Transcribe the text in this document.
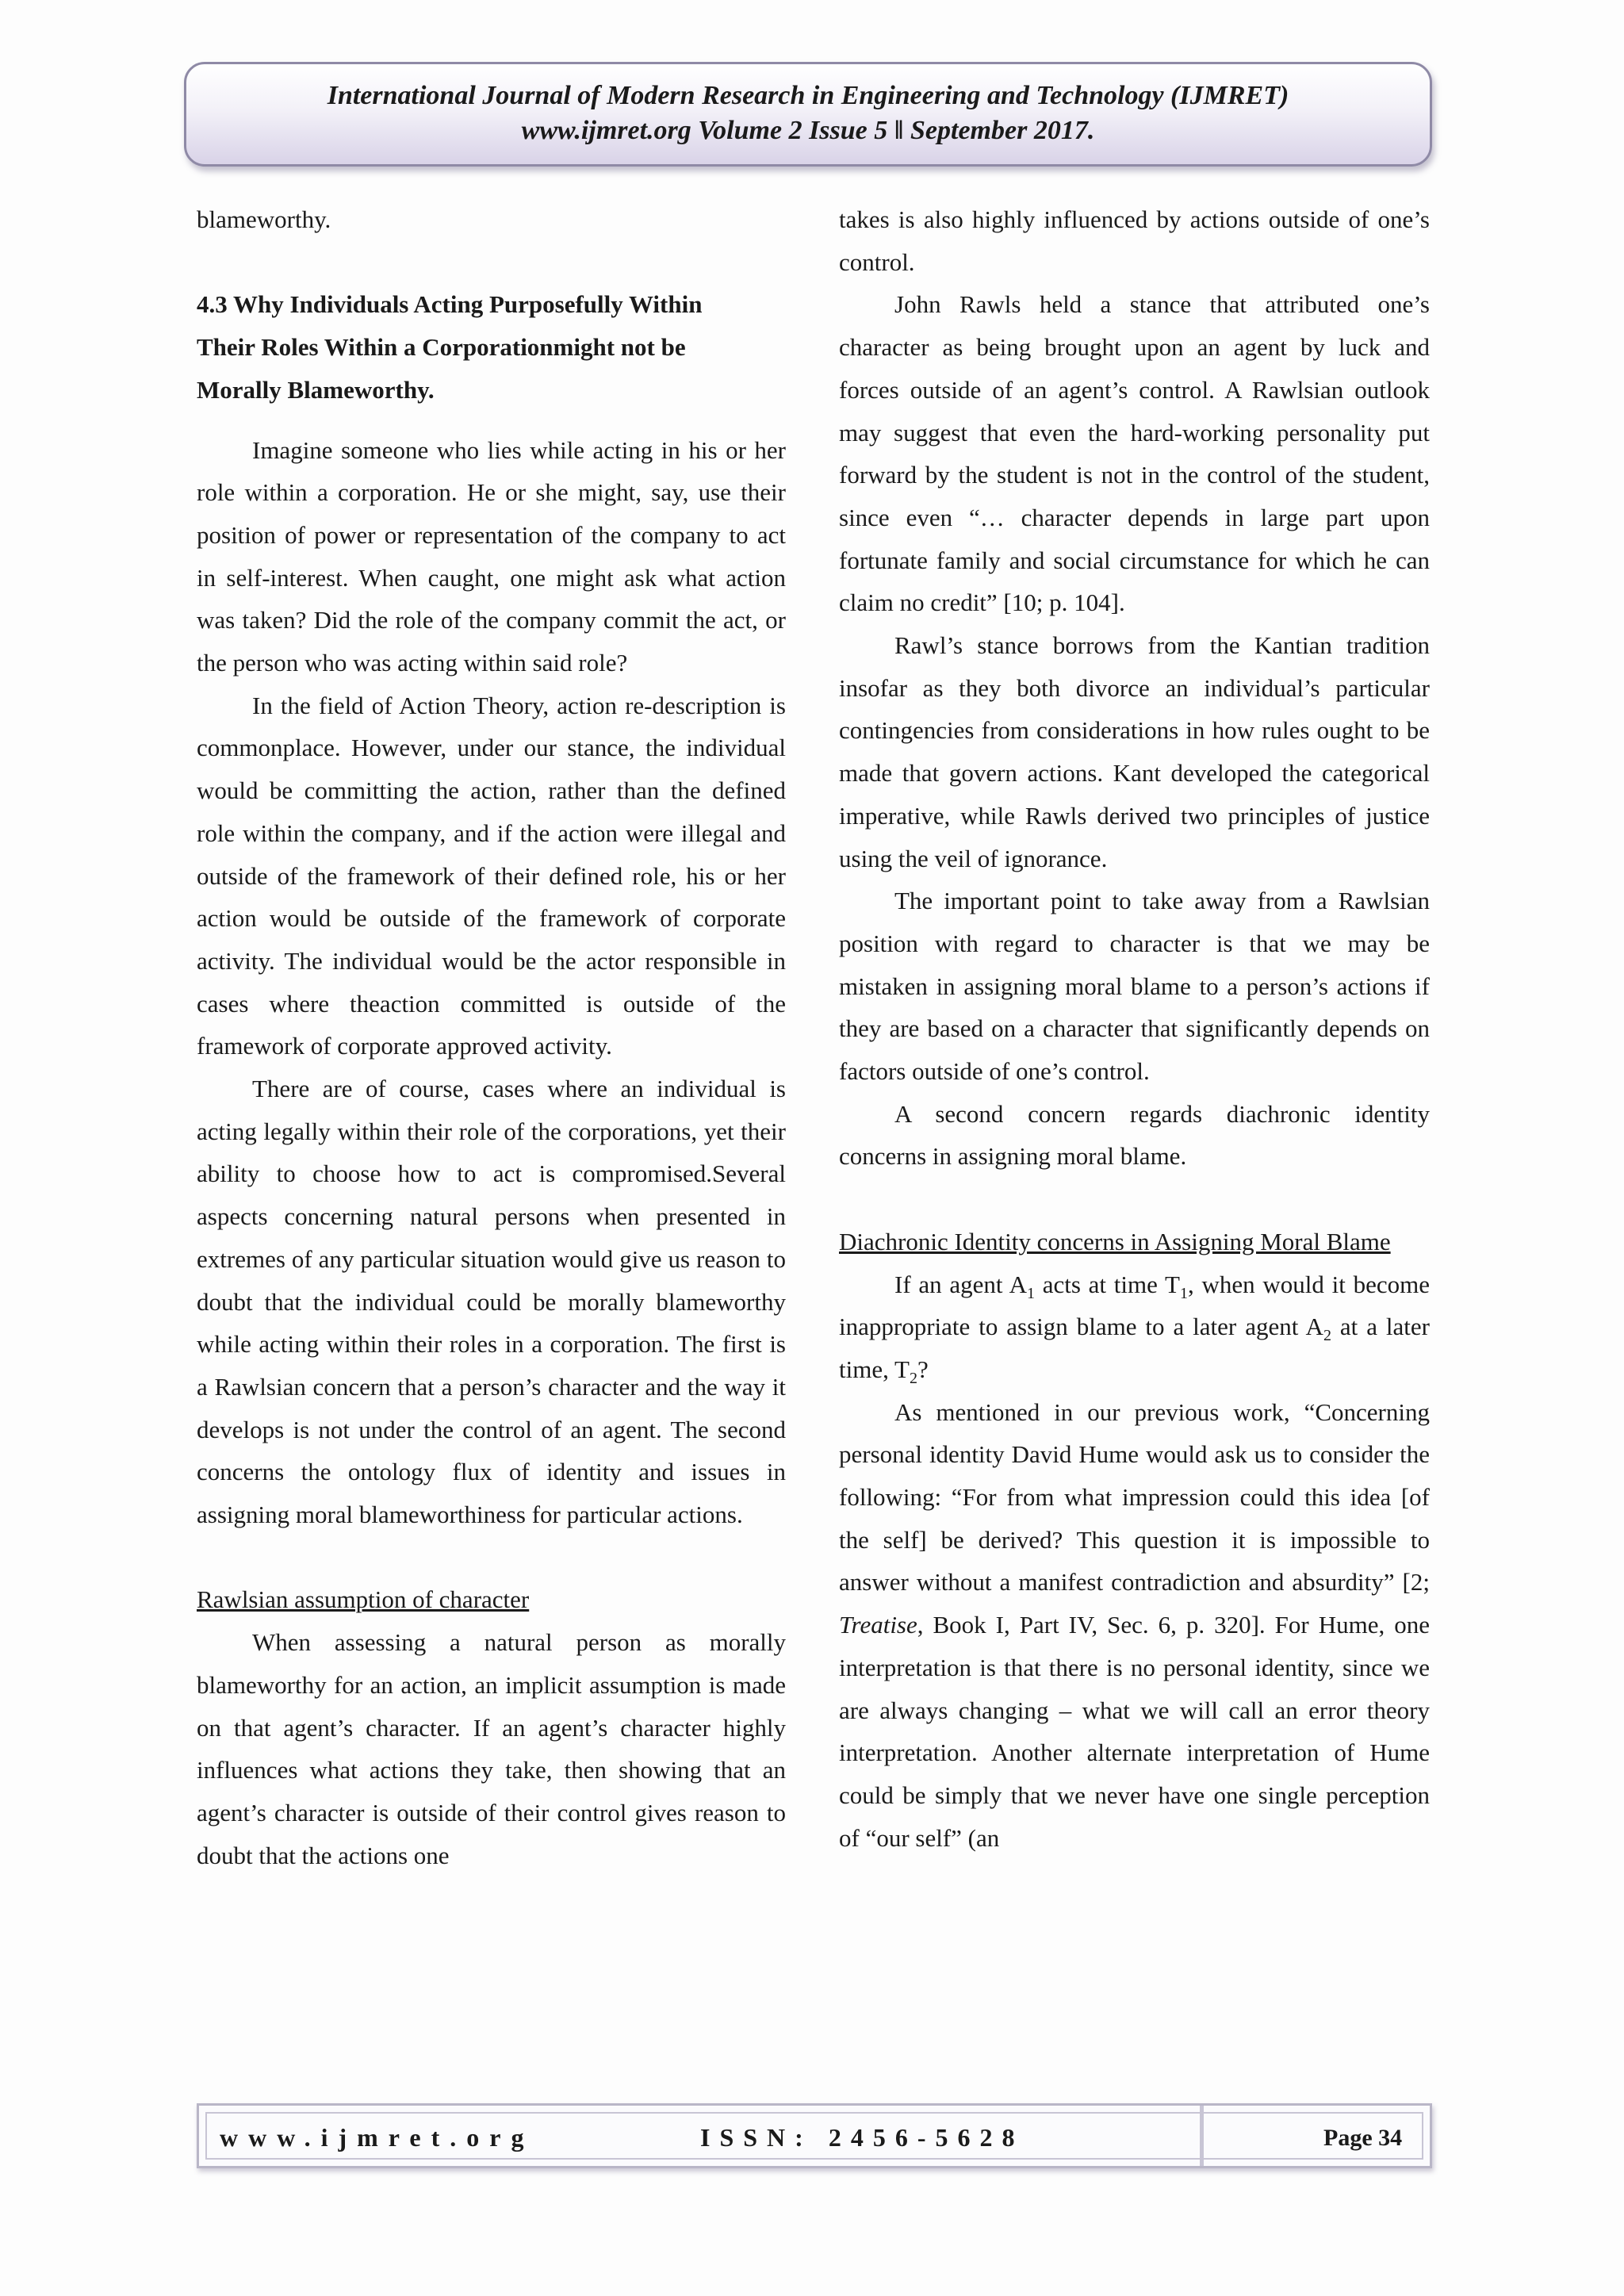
International Journal of Modern Research in Engineering and Technology (IJMRET)
www.ijmret.org Volume 2 Issue 5 ǁ September 2017.

blameworthy.

4.3 Why Individuals Acting Purposefully Within

Their Roles Within a Corporationmight not be

Morally Blameworthy.

Imagine someone who lies while acting in his or her role within a corporation. He or she might, say, use their position of power or representation of the company to act in self-interest. When caught, one might ask what action was taken? Did the role of the company commit the act, or the person who was acting within said role?

In the field of Action Theory, action re-description is commonplace. However, under our stance, the individual would be committing the action, rather than the defined role within the company, and if the action were illegal and outside of the framework of their defined role, his or her action would be outside of the framework of corporate activity. The individual would be the actor responsible in cases where theaction committed is outside of the framework of corporate approved activity.

There are of course, cases where an individual is acting legally within their role of the corporations, yet their ability to choose how to act is compromised.Several aspects concerning natural persons when presented in extremes of any particular situation would give us reason to doubt that the individual could be morally blameworthy while acting within their roles in a corporation. The first is a Rawlsian concern that a person’s character and the way it develops is not under the control of an agent. The second concerns the ontology flux of identity and issues in assigning moral blameworthiness for particular actions.

Rawlsian assumption of character

When assessing a natural person as morally blameworthy for an action, an implicit assumption is made on that agent’s character. If an agent’s character highly influences what actions they take, then showing that an agent’s character is outside of their control gives reason to doubt that the actions one

takes is also highly influenced by actions outside of one’s control.

John Rawls held a stance that attributed one’s character as being brought upon an agent by luck and forces outside of an agent’s control. A Rawlsian outlook may suggest that even the hard-working personality put forward by the student is not in the control of the student, since even “… character depends in large part upon fortunate family and social circumstance for which he can claim no credit” [10; p. 104].

Rawl’s stance borrows from the Kantian tradition insofar as they both divorce an individual’s particular contingencies from considerations in how rules ought to be made that govern actions. Kant developed the categorical imperative, while Rawls derived two principles of justice using the veil of ignorance.

The important point to take away from a Rawlsian position with regard to character is that we may be mistaken in assigning moral blame to a person’s actions if they are based on a character that significantly depends on factors outside of one’s control.

A second concern regards diachronic identity concerns in assigning moral blame.

Diachronic Identity concerns in Assigning Moral Blame

If an agent $A_1$ acts at time $T_1$, when would it become inappropriate to assign blame to a later agent $A_2$ at a later time, $T_2$?

As mentioned in our previous work, “Concerning personal identity David Hume would ask us to consider the following: “For from what impression could this idea [of the self] be derived? This question it is impossible to answer without a manifest contradiction and absurdity” [2; Treatise, Book I, Part IV, Sec. 6, p. 320]. For Hume, one interpretation is that there is no personal identity, since we are always changing – what we will call an error theory interpretation. Another alternate interpretation of Hume could be simply that we never have one single perception of “our self” (an

www.ijmret.org	ISSN: 2456-5628	Page 34
